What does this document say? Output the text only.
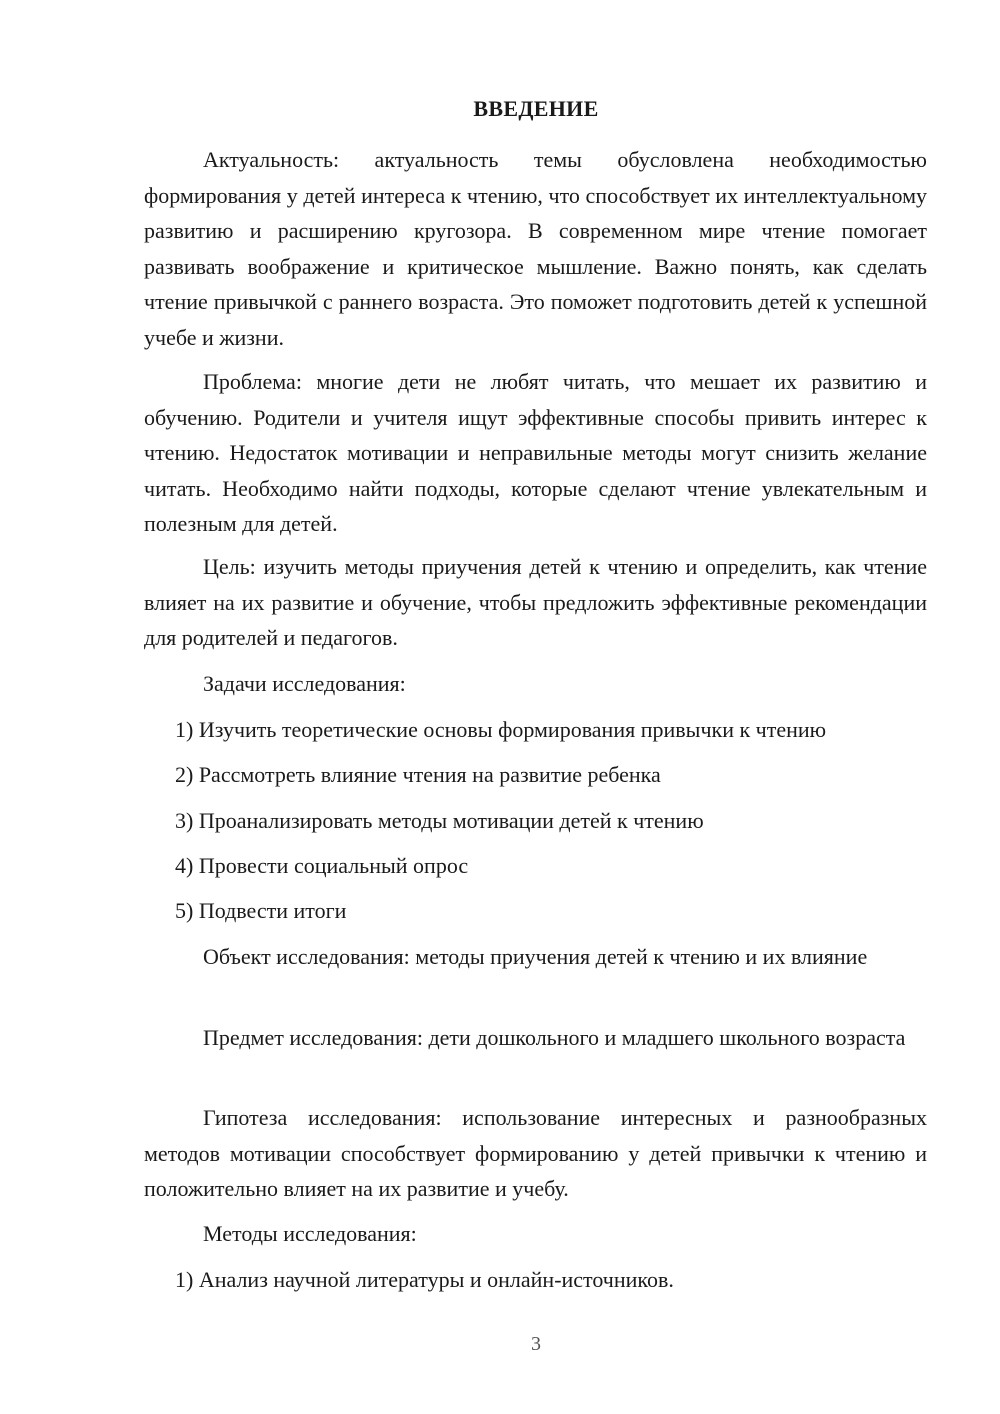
ВВЕДЕНИЕ

Актуальность: актуальность темы обусловлена необходимостью формирования у детей интереса к чтению, что способствует их интеллектуальному развитию и расширению кругозора. В современном мире чтение помогает развивать воображение и критическое мышление. Важно понять, как сделать чтение привычкой с раннего возраста. Это поможет подготовить детей к успешной учебе и жизни.

Проблема: многие дети не любят читать, что мешает их развитию и обучению. Родители и учителя ищут эффективные способы привить интерес к чтению. Недостаток мотивации и неправильные методы могут снизить желание читать. Необходимо найти подходы, которые сделают чтение увлекательным и полезным для детей.

Цель: изучить методы приучения детей к чтению и определить, как чтение влияет на их развитие и обучение, чтобы предложить эффективные рекомендации для родителей и педагогов.

Задачи исследования:

1) Изучить теоретические основы формирования привычки к чтению

2) Рассмотреть влияние чтения на развитие ребенка

3) Проанализировать методы мотивации детей к чтению

4) Провести социальный опрос

5) Подвести итоги

Объект исследования: методы приучения детей к чтению и их влияние

Предмет исследования: дети дошкольного и младшего школьного возраста

Гипотеза исследования: использование интересных и разнообразных методов мотивации способствует формированию у детей привычки к чтению и положительно влияет на их развитие и учебу.

Методы исследования:

1) Анализ научной литературы и онлайн-источников.

3
